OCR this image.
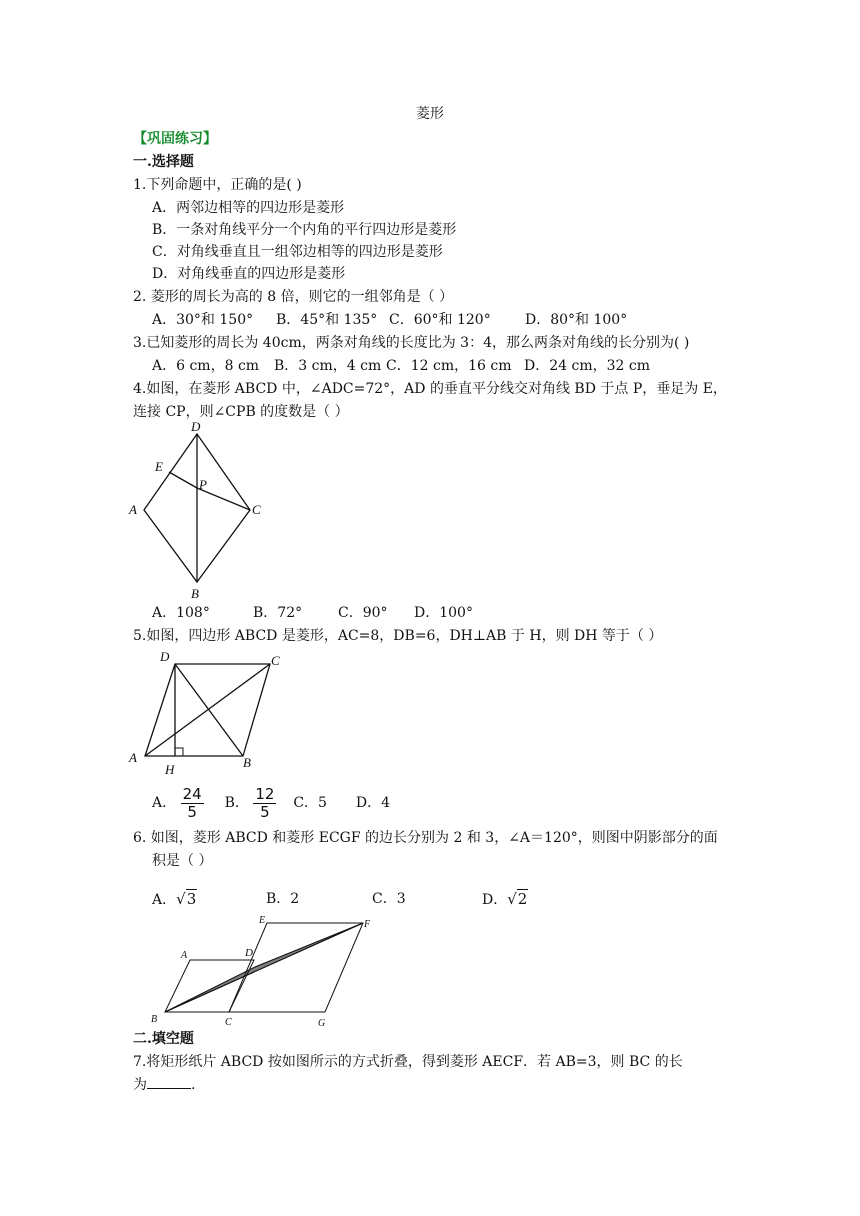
菱形
【巩固练习】
一.选择题
1.下列命题中，正确的是( )
A．两邻边相等的四边形是菱形
B．一条对角线平分一个内角的平行四边形是菱形
C．对角线垂直且一组邻边相等的四边形是菱形
D．对角线垂直的四边形是菱形
2. 菱形的周长为高的 8 倍，则它的一组邻角是（ ）
A．30°和 150° B．45°和 135° C．60°和 120° D．80°和 100°
3.已知菱形的周长为 40cm，两条对角线的长度比为 3：4，那么两条对角线的长分别为( )
A．6 cm，8 cm B．3 cm，4 cm C．12 cm，16 cm D．24 cm，32 cm
4.如图，在菱形 ABCD 中，∠ADC=72°，AD 的垂直平分线交对角线 BD 于点 P，垂足为 E，
连接 CP，则∠CPB 的度数是（ ）
D
E
P
A	C
B
A．108°	B．72°	C．90° D．100°
5.如图，四边形 ABCD 是菱形，AC=8，DB=6，DH⊥AB 于 H，则 DH 等于（ ）
D	C
A
H	B
A． $\frac{24}{5}$ B． $\frac{12}{5}$ C．5 D．4
6. 如图，菱形 ABCD 和菱形 ECGF 的边长分别为 2 和 3，∠A＝120°，则图中阴影部分的面
积是（ ）
A．√3	B．2	C．3	D．√2
A	D
E	F
B	C	G
二.填空题
7.将矩形纸片 ABCD 按如图所示的方式折叠，得到菱形 AECF．若 AB=3，则 BC 的长
为	.
